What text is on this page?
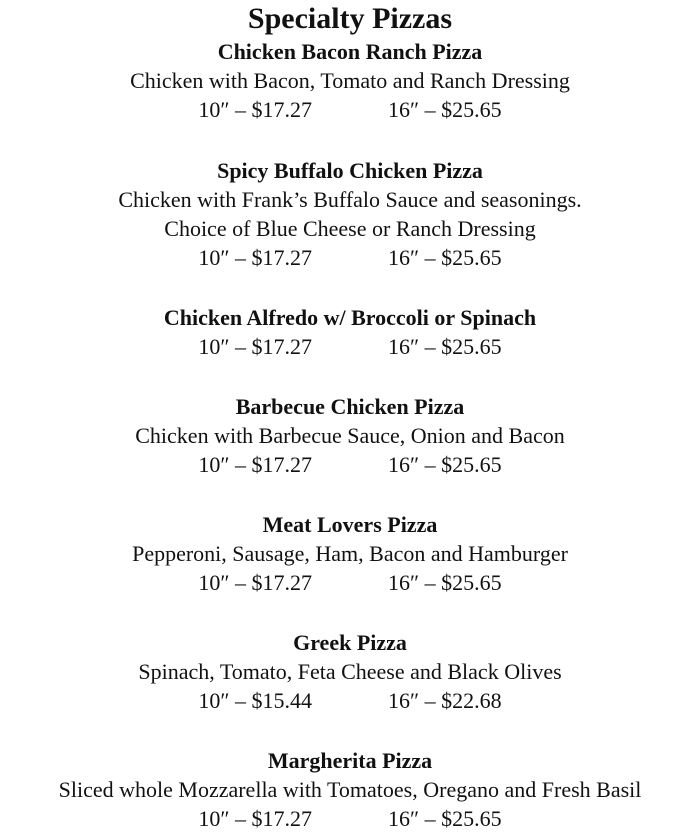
Specialty Pizzas

Chicken Bacon Ranch Pizza

Chicken with Bacon, Tomato and Ranch Dressing

10″ – $17.27	16″ – $25.65

Spicy Buffalo Chicken Pizza

Chicken with Frank’s Buffalo Sauce and seasonings.

Choice of Blue Cheese or Ranch Dressing

10″ – $17.27	16″ – $25.65

Chicken Alfredo w/ Broccoli or Spinach

10″ – $17.27	16″ – $25.65

Barbecue Chicken Pizza

Chicken with Barbecue Sauce, Onion and Bacon

10″ – $17.27	16″ – $25.65

Meat Lovers Pizza

Pepperoni, Sausage, Ham, Bacon and Hamburger

10″ – $17.27	16″ – $25.65

Greek Pizza

Spinach, Tomato, Feta Cheese and Black Olives

10″ – $15.44	16″ – $22.68

Margherita Pizza

Sliced whole Mozzarella with Tomatoes, Oregano and Fresh Basil

10″ – $17.27	16″ – $25.65
